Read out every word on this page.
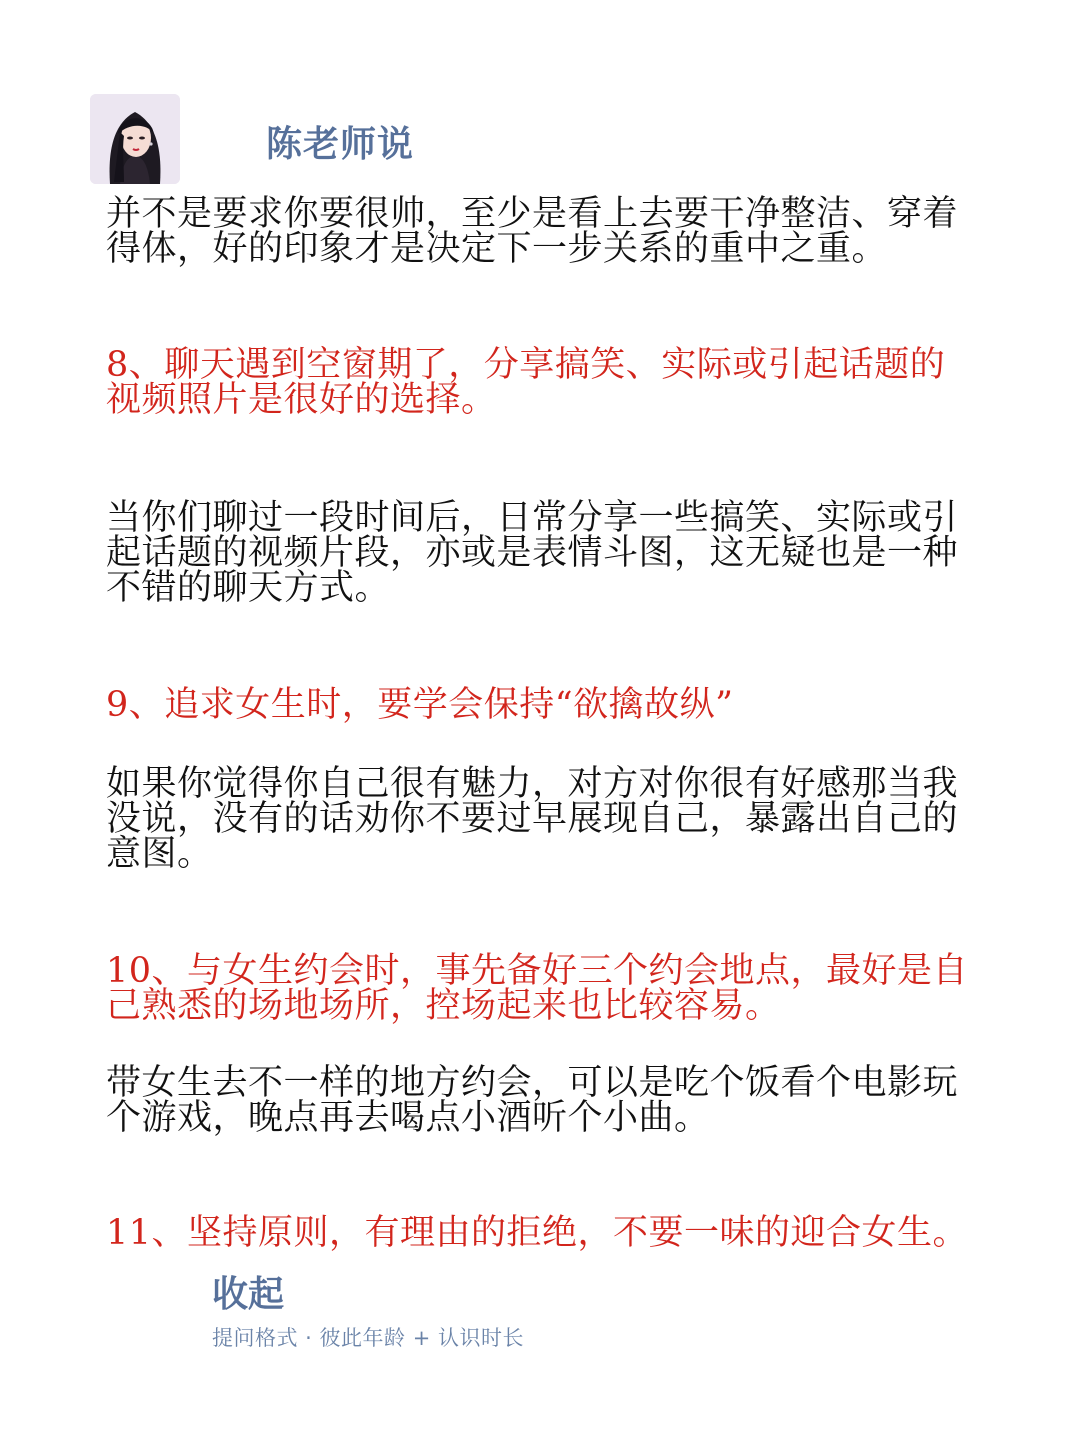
陈老师说
并不是要求你要很帅，至少是看上去要干净整洁、穿着
得体，好的印象才是决定下一步关系的重中之重。
8、聊天遇到空窗期了，分享搞笑、实际或引起话题的
视频照片是很好的选择。
当你们聊过一段时间后，日常分享一些搞笑、实际或引
起话题的视频片段，亦或是表情斗图，这无疑也是一种
不错的聊天方式。
9、追求女生时，要学会保持“欲擒故纵”
如果你觉得你自己很有魅力，对方对你很有好感那当我
没说，没有的话劝你不要过早展现自己，暴露出自己的
意图。
10、与女生约会时，事先备好三个约会地点，最好是自
己熟悉的场地场所，控场起来也比较容易。
带女生去不一样的地方约会，可以是吃个饭看个电影玩
个游戏，晚点再去喝点小酒听个小曲。
11、坚持原则，有理由的拒绝，不要一味的迎合女生。
收起
提问格式 · 彼此年龄 + 认识时长
